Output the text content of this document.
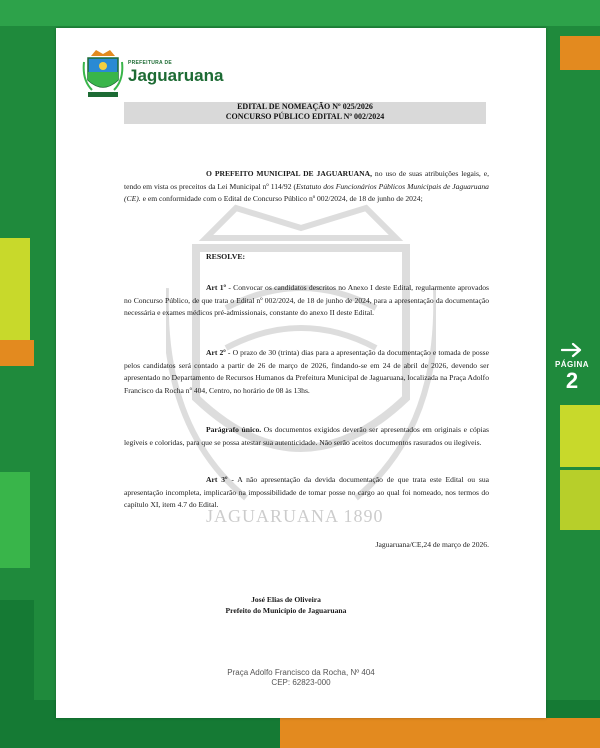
PREFEITURA DE
Jaguaruana
EDITAL DE NOMEAÇÃO Nº 025/2026
CONCURSO PÚBLICO EDITAL Nº 002/2024
JAGUARUANA 1890
O PREFEITO MUNICIPAL DE JAGUARUANA, no uso de suas atribuições legais, e, tendo em vista os preceitos da Lei Municipal nº 114/92 (Estatuto dos Funcionários Públicos Municipais de Jaguaruana (CE). e em conformidade com o Edital de Concurso Público nº 002/2024, de 18 de junho de 2024;
RESOLVE:
Art 1º - Convocar os candidatos descritos no Anexo I deste Edital, regularmente aprovados no Concurso Público, de que trata o Edital nº 002/2024, de 18 de junho de 2024, para a apresentação da documentação necessária e exames médicos pré-admissionais, constante do anexo II deste Edital.
Art 2º - O prazo de 30 (trinta) dias para a apresentação da documentação e tomada de posse pelos candidatos será contado a partir de 26 de março de 2026, findando-se em 24 de abril de 2026, devendo ser apresentado no Departamento de Recursos Humanos da Prefeitura Municipal de Jaguaruana, localizada na Praça Adolfo Francisco da Rocha nº 404, Centro, no horário de 08 às 13hs.
Parágrafo único. Os documentos exigidos deverão ser apresentados em originais e cópias legíveis e coloridas, para que se possa atestar sua autenticidade. Não serão aceitos documentos rasurados ou ilegíveis.
Art 3º - A não apresentação da devida documentação de que trata este Edital ou sua apresentação incompleta, implicarão na impossibilidade de tomar posse no cargo ao qual foi nomeado, nos termos do capítulo XI, item 4.7 do Edital.
Jaguaruana/CE,24 de março de 2026.
José Elias de Oliveira
Prefeito do Município de Jaguaruana
Praça Adolfo Francisco da Rocha, Nº 404
CEP: 62823-000
PÁGINA
2
